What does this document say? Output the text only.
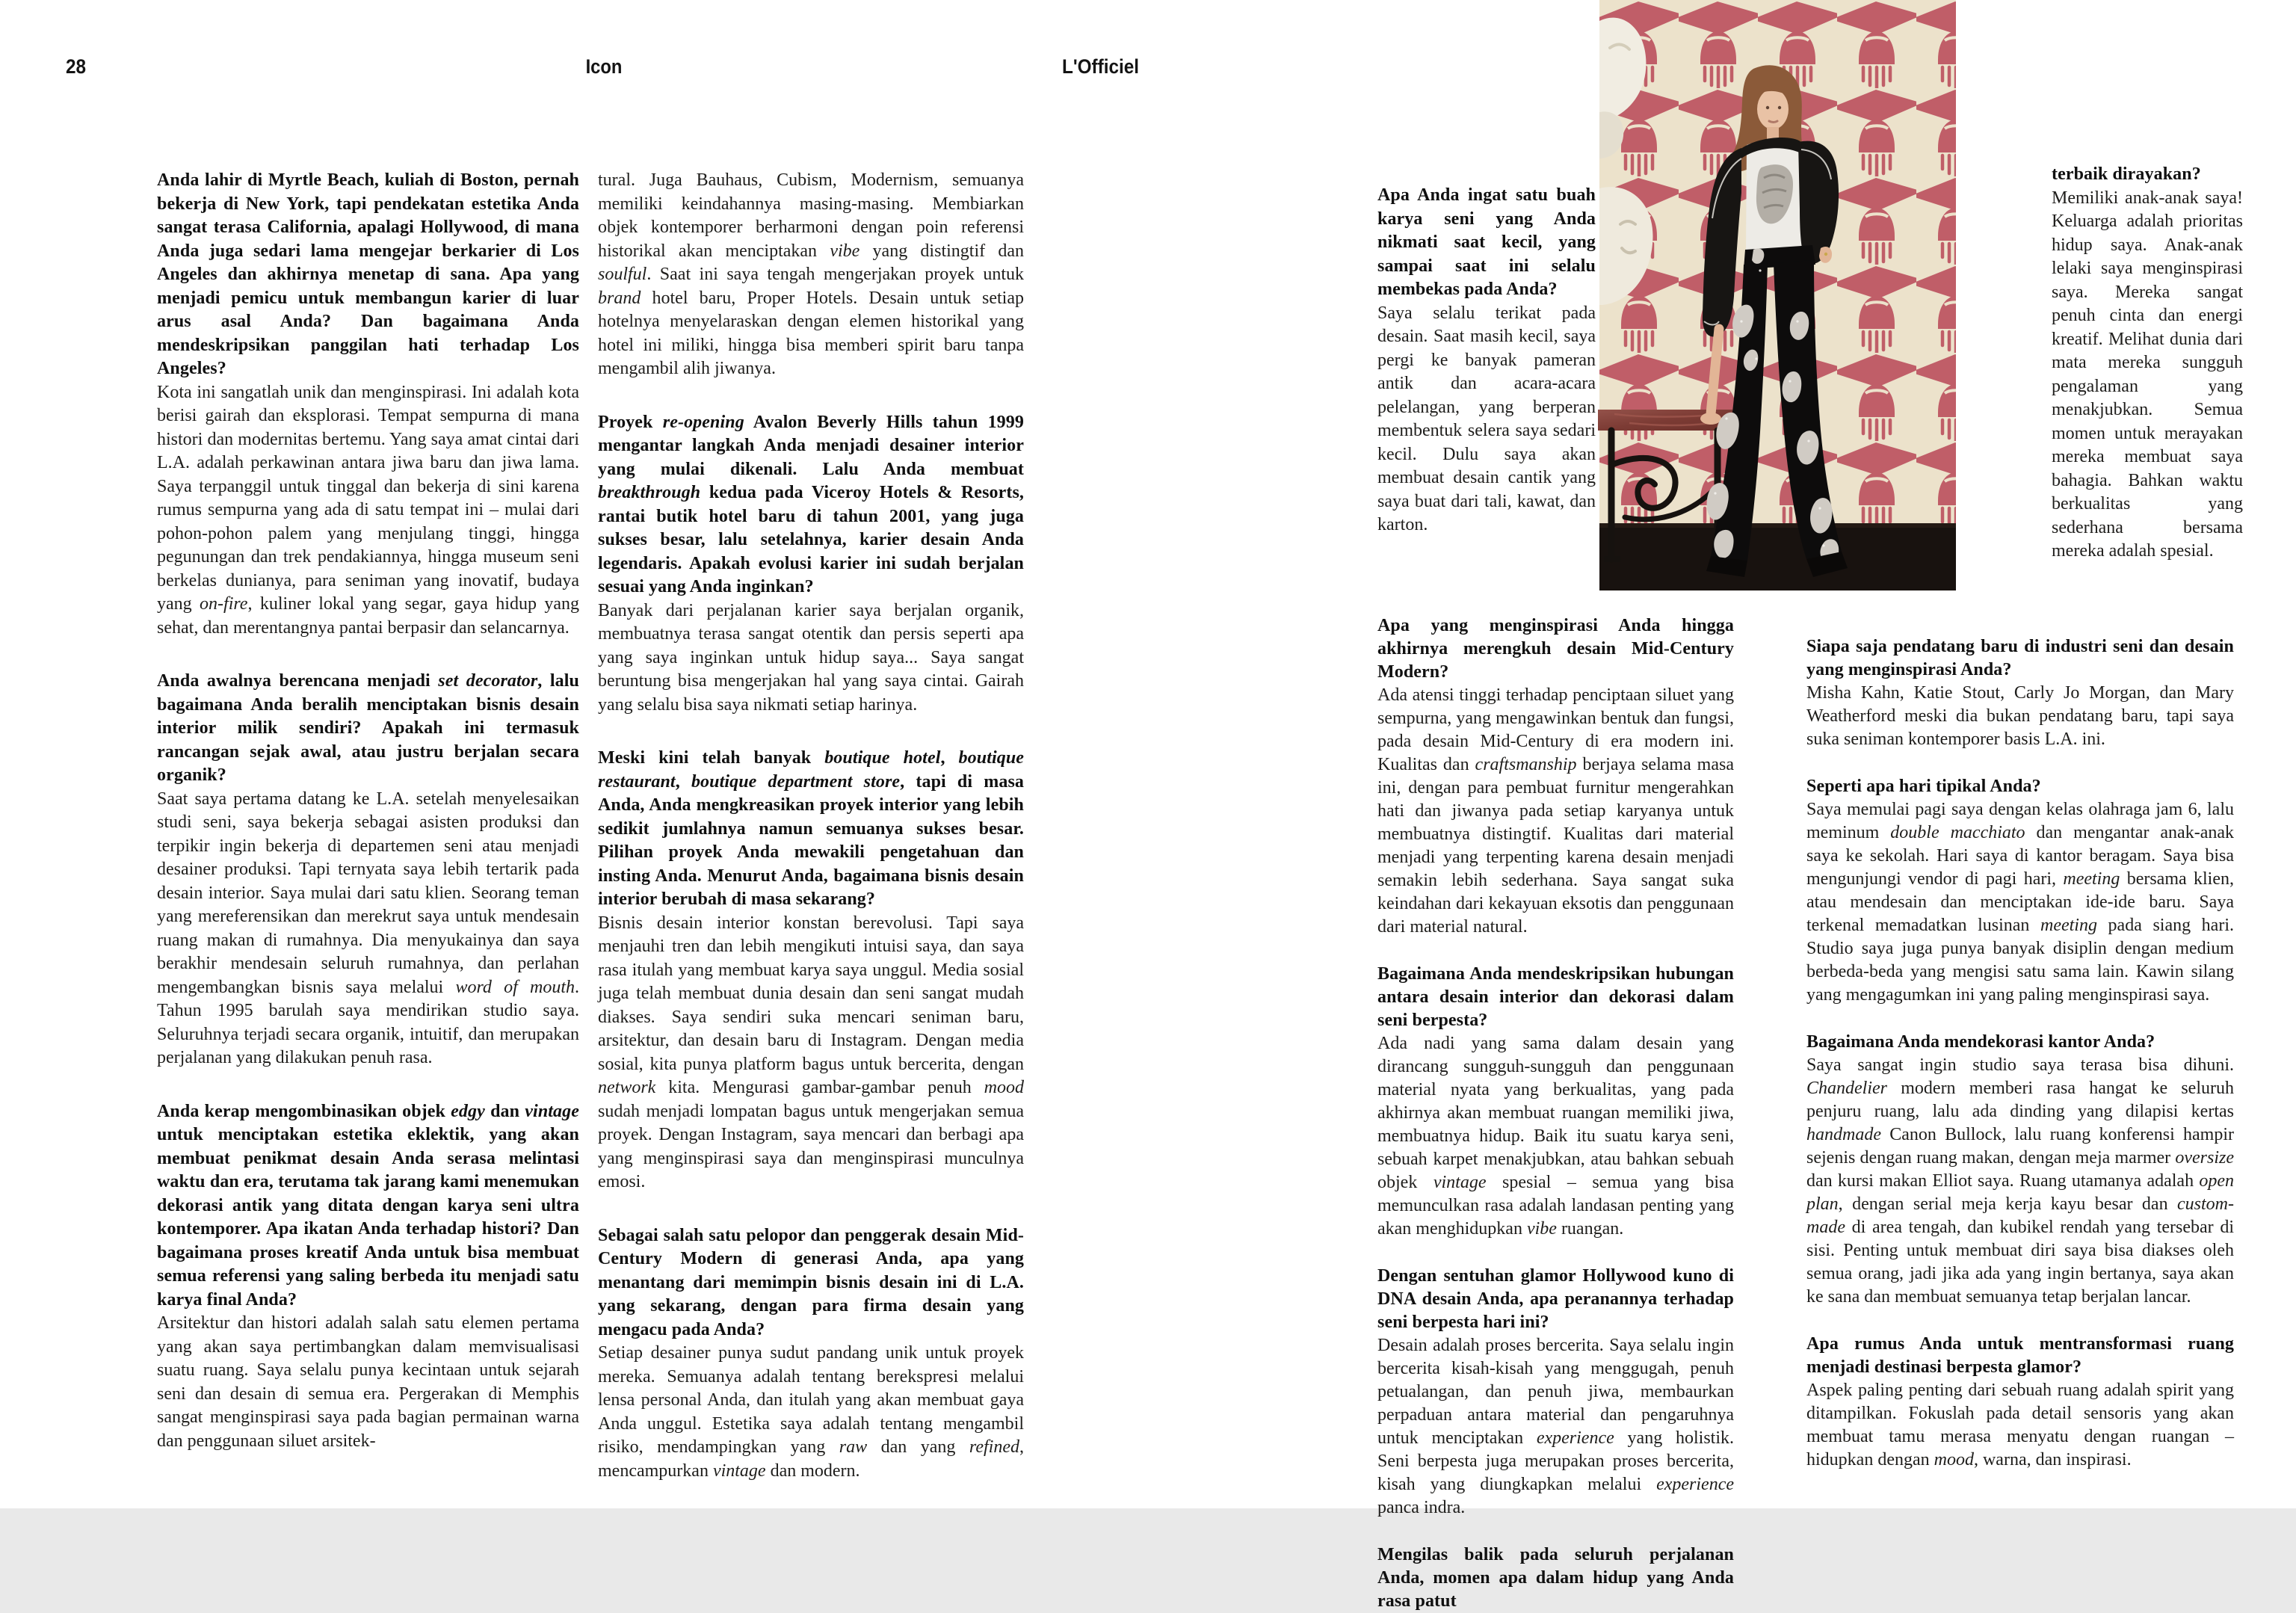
28	Icon	L'Officiel

Anda lahir di Myrtle Beach, kuliah di Boston, pernah bekerja di New York, tapi pendekatan estetika Anda sangat terasa California, apalagi Hollywood, di mana Anda juga sedari lama mengejar berkarier di Los Angeles dan akhirnya menetap di sana. Apa yang menjadi pemicu untuk membangun karier di luar arus asal Anda? Dan bagaimana Anda mendeskripsikan panggilan hati terhadap Los Angeles?

Kota ini sangatlah unik dan menginspirasi. Ini adalah kota berisi gairah dan eksplorasi. Tempat sempurna di mana histori dan modernitas bertemu. Yang saya amat cintai dari L.A. adalah perkawinan antara jiwa baru dan jiwa lama. Saya terpanggil untuk tinggal dan bekerja di sini karena rumus sempurna yang ada di satu tempat ini – mulai dari pohon-pohon palem yang menjulang tinggi, hingga pegunungan dan trek pendakiannya, hingga museum seni berkelas dunianya, para seniman yang inovatif, budaya yang on-fire, kuliner lokal yang segar, gaya hidup yang sehat, dan merentangnya pantai berpasir dan selancarnya.

Anda awalnya berencana menjadi set decorator, lalu bagaimana Anda beralih menciptakan bisnis desain interior milik sendiri? Apakah ini termasuk rancangan sejak awal, atau justru berjalan secara organik?

Saat saya pertama datang ke L.A. setelah menyelesaikan studi seni, saya bekerja sebagai asisten produksi dan terpikir ingin bekerja di departemen seni atau menjadi desainer produksi. Tapi ternyata saya lebih tertarik pada desain interior. Saya mulai dari satu klien. Seorang teman yang mereferensikan dan merekrut saya untuk mendesain ruang makan di rumahnya. Dia menyukainya dan saya berakhir mendesain seluruh rumahnya, dan perlahan mengembangkan bisnis saya melalui word of mouth. Tahun 1995 barulah saya mendirikan studio saya. Seluruhnya terjadi secara organik, intuitif, dan merupakan perjalanan yang dilakukan penuh rasa.

Anda kerap mengombinasikan objek edgy dan vintage untuk menciptakan estetika eklektik, yang akan membuat penikmat desain Anda serasa melintasi waktu dan era, terutama tak jarang kami menemukan dekorasi antik yang ditata dengan karya seni ultra kontemporer. Apa ikatan Anda terhadap histori? Dan bagaimana proses kreatif Anda untuk bisa membuat semua referensi yang saling berbeda itu menjadi satu karya final Anda?

Arsitektur dan histori adalah salah satu elemen pertama yang akan saya pertimbangkan dalam memvisualisasi suatu ruang. Saya selalu punya kecintaan untuk sejarah seni dan desain di semua era. Pergerakan di Memphis sangat menginspirasi saya pada bagian permainan warna dan penggunaan siluet arsitek-

tural. Juga Bauhaus, Cubism, Modernism, semuanya memiliki keindahannya masing-masing. Membiarkan objek kontemporer berharmoni dengan poin referensi historikal akan menciptakan vibe yang distingtif dan soulful. Saat ini saya tengah mengerjakan proyek untuk brand hotel baru, Proper Hotels. Desain untuk setiap hotelnya menyelaraskan dengan elemen historikal yang hotel ini miliki, hingga bisa memberi spirit baru tanpa mengambil alih jiwanya.

Proyek re-opening Avalon Beverly Hills tahun 1999 mengantar langkah Anda menjadi desainer interior yang mulai dikenali. Lalu Anda membuat breakthrough kedua pada Viceroy Hotels & Resorts, rantai butik hotel baru di tahun 2001, yang juga sukses besar, lalu setelahnya, karier desain Anda legendaris. Apakah evolusi karier ini sudah berjalan sesuai yang Anda inginkan?

Banyak dari perjalanan karier saya berjalan organik, membuatnya terasa sangat otentik dan persis seperti apa yang saya inginkan untuk hidup saya... Saya sangat beruntung bisa mengerjakan hal yang saya cintai. Gairah yang selalu bisa saya nikmati setiap harinya.

Meski kini telah banyak boutique hotel, boutique restaurant, boutique department store, tapi di masa Anda, Anda mengkreasikan proyek interior yang lebih sedikit jumlahnya namun semuanya sukses besar. Pilihan proyek Anda mewakili pengetahuan dan insting Anda. Menurut Anda, bagaimana bisnis desain interior berubah di masa sekarang?

Bisnis desain interior konstan berevolusi. Tapi saya menjauhi tren dan lebih mengikuti intuisi saya, dan saya rasa itulah yang membuat karya saya unggul. Media sosial juga telah membuat dunia desain dan seni sangat mudah diakses. Saya sendiri suka mencari seniman baru, arsitektur, dan desain baru di Instagram. Dengan media sosial, kita punya platform bagus untuk bercerita, dengan network kita. Mengurasi gambar-gambar penuh mood sudah menjadi lompatan bagus untuk mengerjakan semua proyek. Dengan Instagram, saya mencari dan berbagi apa yang menginspirasi saya dan menginspirasi munculnya emosi.

Sebagai salah satu pelopor dan penggerak desain Mid-Century Modern di generasi Anda, apa yang menantang dari memimpin bisnis desain ini di L.A. yang sekarang, dengan para firma desain yang mengacu pada Anda?

Setiap desainer punya sudut pandang unik untuk proyek mereka. Semuanya adalah tentang berekspresi melalui lensa personal Anda, dan itulah yang akan membuat gaya Anda unggul. Estetika saya adalah tentang mengambil risiko, mendampingkan yang raw dan yang refined, mencampurkan vintage dan modern.

Apa Anda ingat satu buah karya seni yang Anda nikmati saat kecil, yang sampai saat ini selalu membekas pada Anda?

Saya selalu terikat pada desain. Saat masih kecil, saya pergi ke banyak pameran antik dan acara-acara pelelangan, yang berperan membentuk selera saya sedari kecil. Dulu saya akan membuat desain cantik yang saya buat dari tali, kawat, dan karton.

terbaik dirayakan?

Memiliki anak-anak saya! Keluarga adalah prioritas hidup saya. Anak-anak lelaki saya menginspirasi saya. Mereka sangat penuh cinta dan energi kreatif. Melihat dunia dari mata mereka sungguh pengalaman yang menakjubkan. Semua momen untuk merayakan mereka membuat saya bahagia. Bahkan waktu berkualitas yang sederhana bersama mereka adalah spesial.

Apa yang menginspirasi Anda hingga akhirnya merengkuh desain Mid-Century Modern?

Ada atensi tinggi terhadap penciptaan siluet yang sempurna, yang mengawinkan bentuk dan fungsi, pada desain Mid-Century di era modern ini. Kualitas dan craftsmanship berjaya selama masa ini, dengan para pembuat furnitur mengerahkan hati dan jiwanya pada setiap karyanya untuk membuatnya distingtif. Kualitas dari material menjadi yang terpenting karena desain menjadi semakin lebih sederhana. Saya sangat suka keindahan dari kekayuan eksotis dan penggunaan dari material natural.

Bagaimana Anda mendeskripsikan hubungan antara desain interior dan dekorasi dalam seni berpesta?

Ada nadi yang sama dalam desain yang dirancang sungguh-sungguh dan penggunaan material nyata yang berkualitas, yang pada akhirnya akan membuat ruangan memiliki jiwa, membuatnya hidup. Baik itu suatu karya seni, sebuah karpet menakjubkan, atau bahkan sebuah objek vintage spesial – semua yang bisa memunculkan rasa adalah landasan penting yang akan menghidupkan vibe ruangan.

Dengan sentuhan glamor Hollywood kuno di DNA desain Anda, apa peranannya terhadap seni berpesta hari ini?

Desain adalah proses bercerita. Saya selalu ingin bercerita kisah-kisah yang menggugah, penuh petualangan, dan penuh jiwa, membaurkan perpaduan antara material dan pengaruhnya untuk menciptakan experience yang holistik. Seni berpesta juga merupakan proses bercerita, kisah yang diungkapkan melalui experience panca indra.

Mengilas balik pada seluruh perjalanan Anda, momen apa dalam hidup yang Anda rasa patut

Siapa saja pendatang baru di industri seni dan desain yang menginspirasi Anda?

Misha Kahn, Katie Stout, Carly Jo Morgan, dan Mary Weatherford meski dia bukan pendatang baru, tapi saya suka seniman kontemporer basis L.A. ini.

Seperti apa hari tipikal Anda?

Saya memulai pagi saya dengan kelas olahraga jam 6, lalu meminum double macchiato dan mengantar anak-anak saya ke sekolah. Hari saya di kantor beragam. Saya bisa mengunjungi vendor di pagi hari, meeting bersama klien, atau mendesain dan menciptakan ide-ide baru. Saya terkenal memadatkan lusinan meeting pada siang hari. Studio saya juga punya banyak disiplin dengan medium berbeda-beda yang mengisi satu sama lain. Kawin silang yang mengagumkan ini yang paling menginspirasi saya.

Bagaimana Anda mendekorasi kantor Anda?

Saya sangat ingin studio saya terasa bisa dihuni. Chandelier modern memberi rasa hangat ke seluruh penjuru ruang, lalu ada dinding yang dilapisi kertas handmade Canon Bullock, lalu ruang konferensi hampir sejenis dengan ruang makan, dengan meja marmer oversize dan kursi makan Elliot saya. Ruang utamanya adalah open plan, dengan serial meja kerja kayu besar dan custom-made di area tengah, dan kubikel rendah yang tersebar di sisi. Penting untuk membuat diri saya bisa diakses oleh semua orang, jadi jika ada yang ingin bertanya, saya akan ke sana dan membuat semuanya tetap berjalan lancar.

Apa rumus Anda untuk mentransformasi ruang menjadi destinasi berpesta glamor?

Aspek paling penting dari sebuah ruang adalah spirit yang ditampilkan. Fokuslah pada detail sensoris yang akan membuat tamu merasa menyatu dengan ruangan – hidupkan dengan mood, warna, dan inspirasi.
